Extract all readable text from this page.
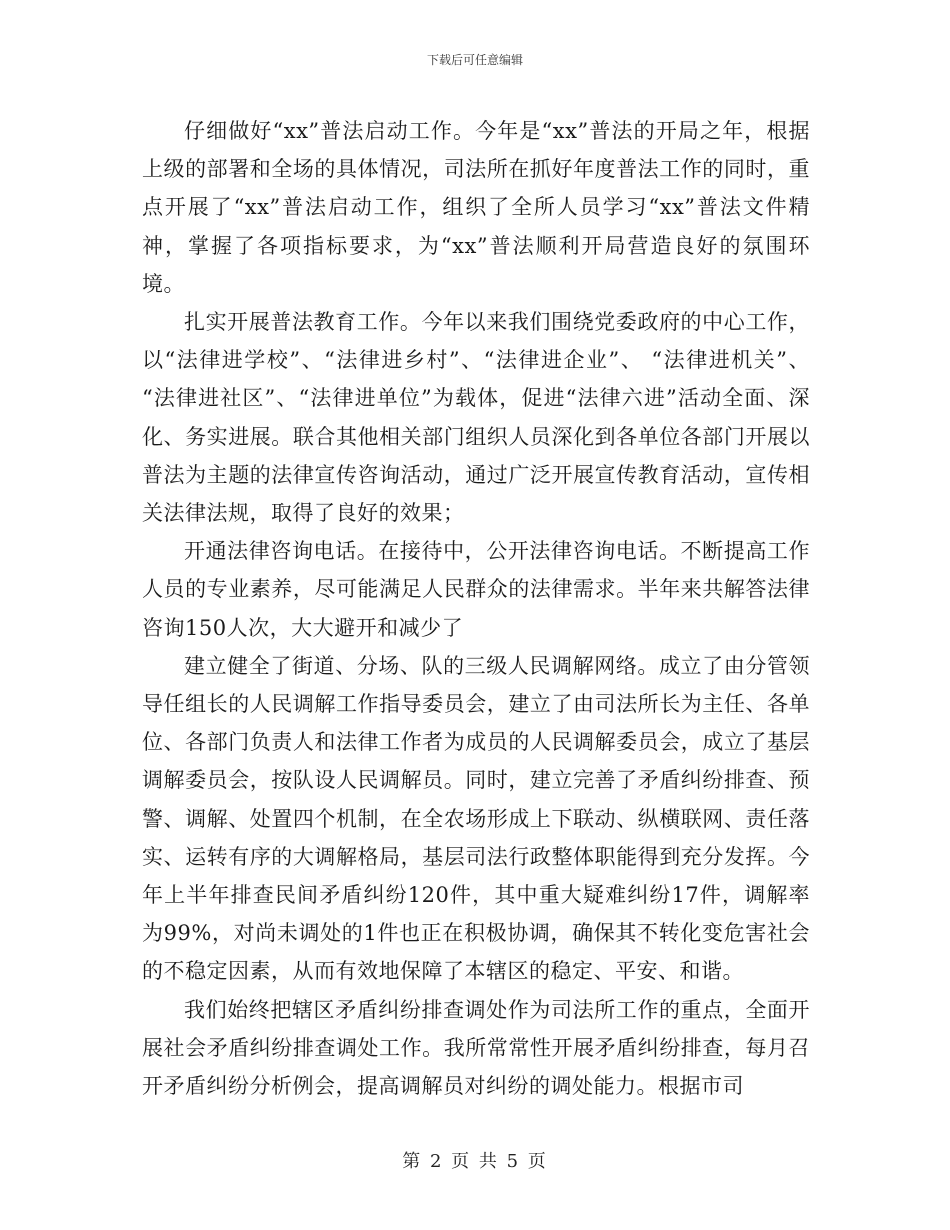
下载后可任意编辑

仔细做好“xx”普法启动工作。今年是“xx”普法的开局之年，根据上级的部署和全场的具体情况，司法所在抓好年度普法工作的同时，重点开展了“xx”普法启动工作，组织了全所人员学习“xx”普法文件精神，掌握了各项指标要求，为“xx”普法顺利开局营造良好的氛围环境。

扎实开展普法教育工作。今年以来我们围绕党委政府的中心工作，以“法律进学校”、“法律进乡村”、“法律进企业”、 “法律进机关”、 “法律进社区”、“法律进单位”为载体，促进“法律六进”活动全面、深化、务实进展。联合其他相关部门组织人员深化到各单位各部门开展以普法为主题的法律宣传咨询活动，通过广泛开展宣传教育活动，宣传相关法律法规，取得了良好的效果；

开通法律咨询电话。在接待中，公开法律咨询电话。不断提高工作人员的专业素养，尽可能满足人民群众的法律需求。半年来共解答法律咨询150人次，大大避开和减少了

建立健全了街道、分场、队的三级人民调解网络。成立了由分管领导任组长的人民调解工作指导委员会，建立了由司法所长为主任、各单位、各部门负责人和法律工作者为成员的人民调解委员会，成立了基层调解委员会，按队设人民调解员。同时，建立完善了矛盾纠纷排查、预警、调解、处置四个机制，在全农场形成上下联动、纵横联网、责任落实、运转有序的大调解格局，基层司法行政整体职能得到充分发挥。今年上半年排查民间矛盾纠纷120件，其中重大疑难纠纷17件，调解率为99%，对尚未调处的1件也正在积极协调，确保其不转化变危害社会的不稳定因素，从而有效地保障了本辖区的稳定、平安、和谐。

我们始终把辖区矛盾纠纷排查调处作为司法所工作的重点，全面开展社会矛盾纠纷排查调处工作。我所常常性开展矛盾纠纷排查，每月召开矛盾纠纷分析例会，提高调解员对纠纷的调处能力。根据市司

第 2 页 共 5 页
